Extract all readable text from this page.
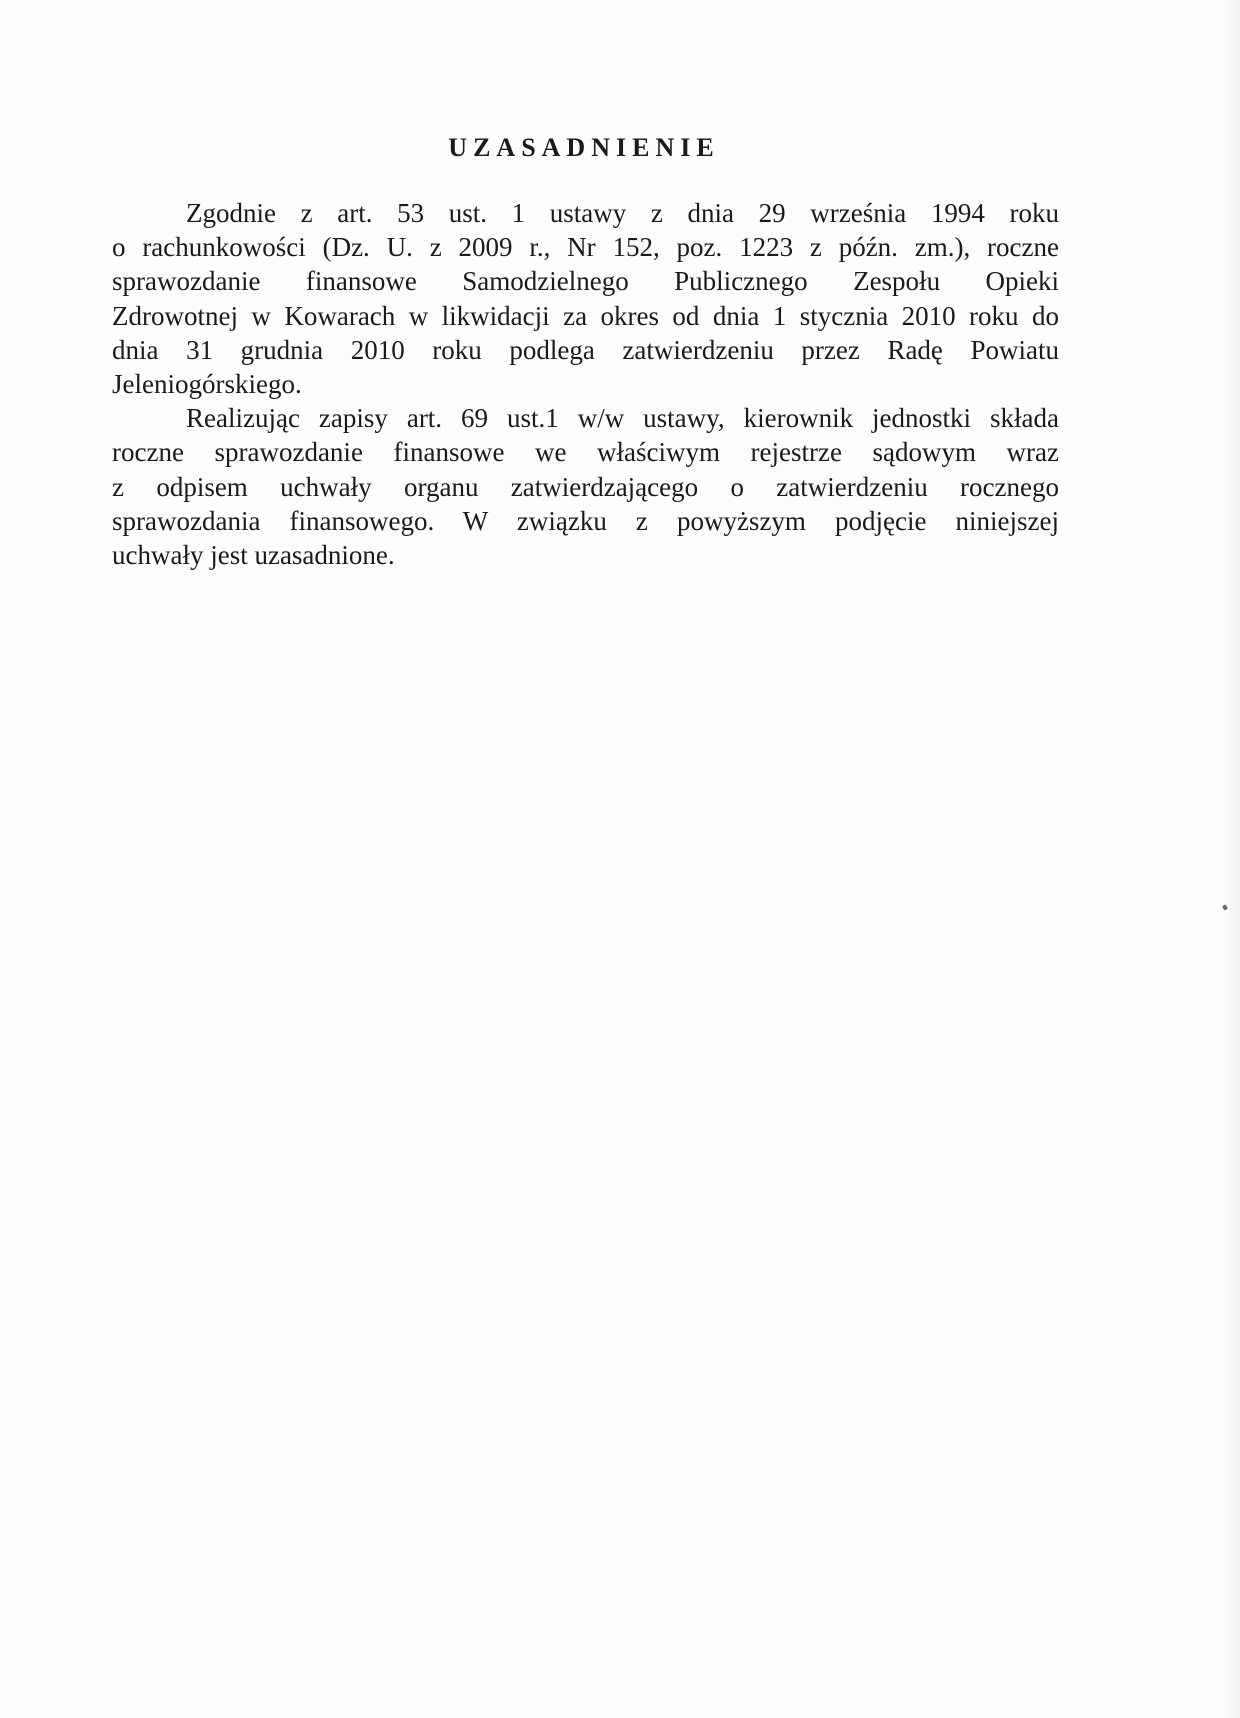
UZASADNIENIE

Zgodnie z art. 53 ust. 1 ustawy z dnia 29 września 1994 roku
o rachunkowości (Dz. U. z 2009 r., Nr 152, poz. 1223 z późn. zm.), roczne
sprawozdanie finansowe Samodzielnego Publicznego Zespołu Opieki
Zdrowotnej w Kowarach w likwidacji za okres od dnia 1 stycznia 2010 roku do
dnia 31 grudnia 2010 roku podlega zatwierdzeniu przez Radę Powiatu
Jeleniogórskiego.

Realizując zapisy art. 69 ust.1 w/w ustawy, kierownik jednostki składa
roczne sprawozdanie finansowe we właściwym rejestrze sądowym wraz
z odpisem uchwały organu zatwierdzającego o zatwierdzeniu rocznego
sprawozdania finansowego. W związku z powyższym podjęcie niniejszej
uchwały jest uzasadnione.
